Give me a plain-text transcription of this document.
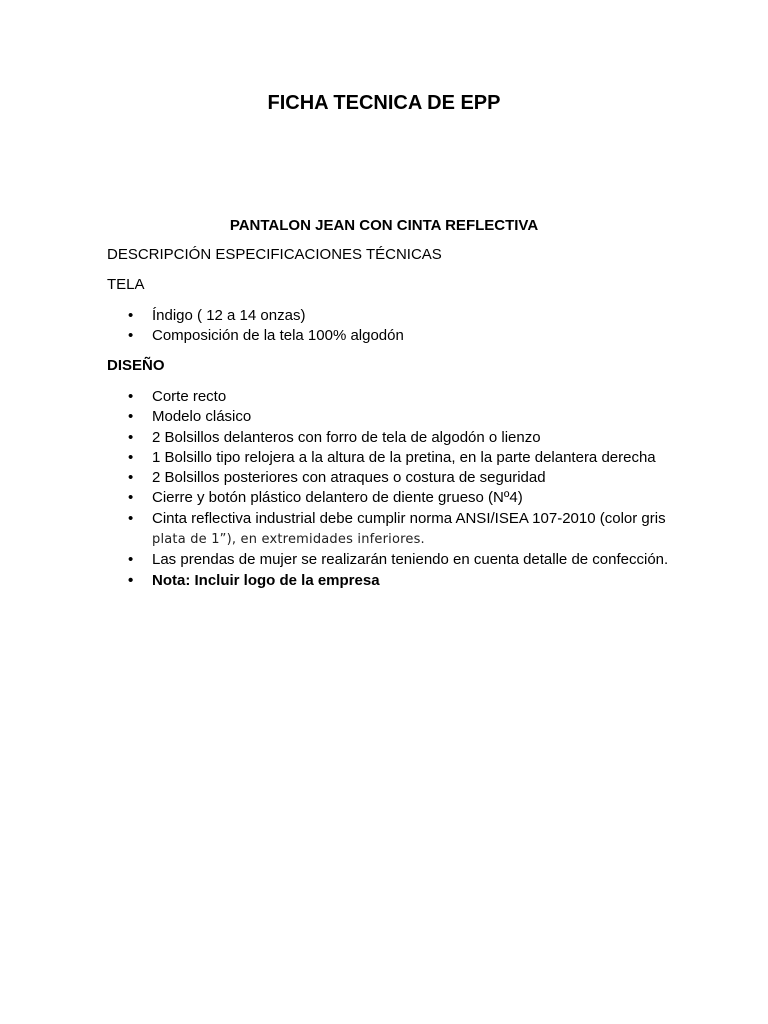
FICHA TECNICA DE EPP
PANTALON JEAN CON CINTA REFLECTIVA

DESCRIPCIÓN ESPECIFICACIONES TÉCNICAS

TELA

• Índigo ( 12 a 14 onzas)
• Composición de la tela 100% algodón

DISEÑO

• Corte recto
• Modelo clásico
• 2 Bolsillos delanteros con forro de tela de algodón o lienzo
• 1 Bolsillo tipo relojera a la altura de la pretina, en la parte delantera derecha
• 2 Bolsillos posteriores con atraques o costura de seguridad
• Cierre y botón plástico delantero de diente grueso (Nº4)
• Cinta reflectiva industrial debe cumplir norma ANSI/ISEA 107-2010 (color gris
plata de 1”), en extremidades inferiores.
• Las prendas de mujer se realizarán teniendo en cuenta detalle de confección.
• Nota: Incluir logo de la empresa
